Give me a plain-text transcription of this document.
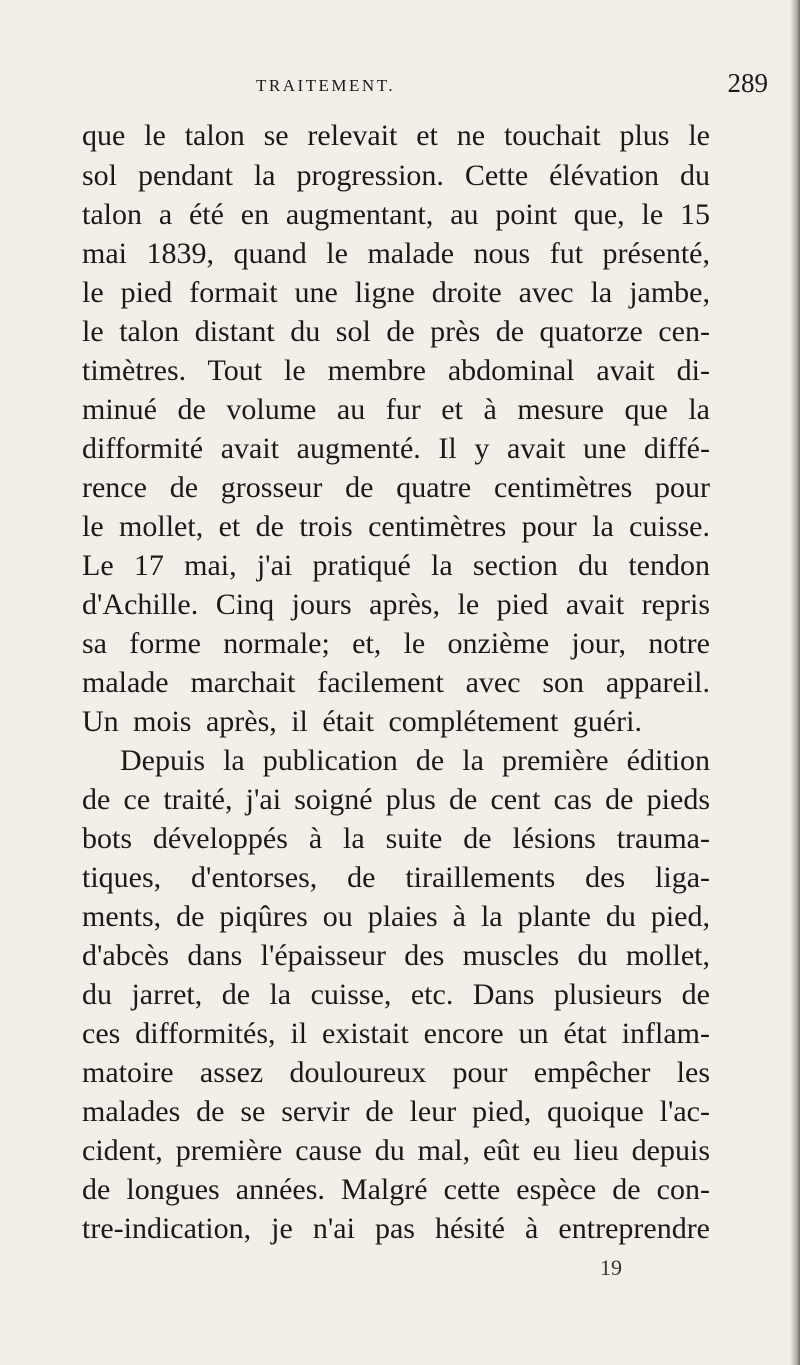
TRAITEMENT.	289
que le talon se relevait et ne touchait plus le
sol pendant la progression. Cette élévation du
talon a été en augmentant, au point que, le 15
mai 1839, quand le malade nous fut présenté,
le pied formait une ligne droite avec la jambe,
le talon distant du sol de près de quatorze cen-
timètres. Tout le membre abdominal avait di-
minué de volume au fur et à mesure que la
difformité avait augmenté. Il y avait une diffé-
rence de grosseur de quatre centimètres pour
le mollet, et de trois centimètres pour la cuisse.
Le 17 mai, j'ai pratiqué la section du tendon
d'Achille. Cinq jours après, le pied avait repris
sa forme normale; et, le onzième jour, notre
malade marchait facilement avec son appareil.
Un mois après, il était complétement guéri.
Depuis la publication de la première édition
de ce traité, j'ai soigné plus de cent cas de pieds
bots développés à la suite de lésions trauma-
tiques, d'entorses, de tiraillements des liga-
ments, de piqûres ou plaies à la plante du pied,
d'abcès dans l'épaisseur des muscles du mollet,
du jarret, de la cuisse, etc. Dans plusieurs de
ces difformités, il existait encore un état inflam-
matoire assez douloureux pour empêcher les
malades de se servir de leur pied, quoique l'ac-
cident, première cause du mal, eût eu lieu depuis
de longues années. Malgré cette espèce de con-
tre-indication, je n'ai pas hésité à entreprendre
19
